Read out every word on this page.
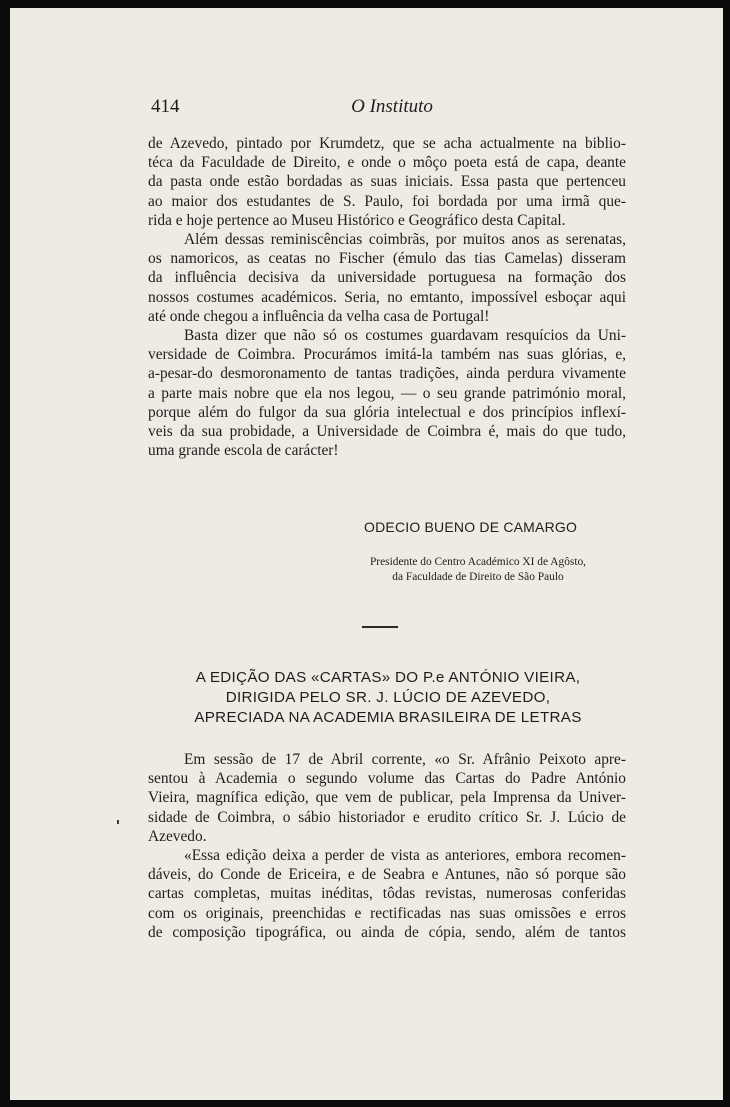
414	O Instituto

de Azevedo, pintado por Krumdetz, que se acha actualmente na biblio-

téca da Faculdade de Direito, e onde o môço poeta está de capa, deante

da pasta onde estão bordadas as suas iniciais. Essa pasta que pertenceu

ao maior dos estudantes de S. Paulo, foi bordada por uma irmã que-

rida e hoje pertence ao Museu Histórico e Geográfico desta Capital.

Além dessas reminiscências coimbrãs, por muitos anos as serenatas,

os namoricos, as ceatas no Fischer (émulo das tias Camelas) disseram

da influência decisiva da universidade portuguesa na formação dos

nossos costumes académicos. Seria, no emtanto, impossível esboçar aqui

até onde chegou a influência da velha casa de Portugal!

Basta dizer que não só os costumes guardavam resquícios da Uni-

versidade de Coimbra. Procurámos imitá-la também nas suas glórias, e,

a-pesar-do desmoronamento de tantas tradições, ainda perdura vivamente

a parte mais nobre que ela nos legou, — o seu grande património moral,

porque além do fulgor da sua glória intelectual e dos princípios inflexí-

veis da sua probidade, a Universidade de Coimbra é, mais do que tudo,

uma grande escola de carácter!

ODECIO BUENO DE CAMARGO
Presidente do Centro Académico XI de Agôsto,
da Faculdade de Direito de São Paulo
A EDIÇÃO DAS «CARTAS» DO P.e ANTÓNIO VIEIRA,
DIRIGIDA PELO SR. J. LÚCIO DE AZEVEDO,
APRECIADA NA ACADEMIA BRASILEIRA DE LETRAS

Em sessão de 17 de Abril corrente, «o Sr. Afrânio Peixoto apre-

sentou à Academia o segundo volume das Cartas do Padre António

Vieira, magnífica edição, que vem de publicar, pela Imprensa da Univer-

sidade de Coimbra, o sábio historiador e erudito crítico Sr. J. Lúcio de

Azevedo.

«Essa edição deixa a perder de vista as anteriores, embora recomen-

dáveis, do Conde de Ericeira, e de Seabra e Antunes, não só porque são

cartas completas, muitas inéditas, tôdas revistas, numerosas conferidas

com os originais, preenchidas e rectificadas nas suas omissões e erros

de composição tipográfica, ou ainda de cópia, sendo, além de tantos
